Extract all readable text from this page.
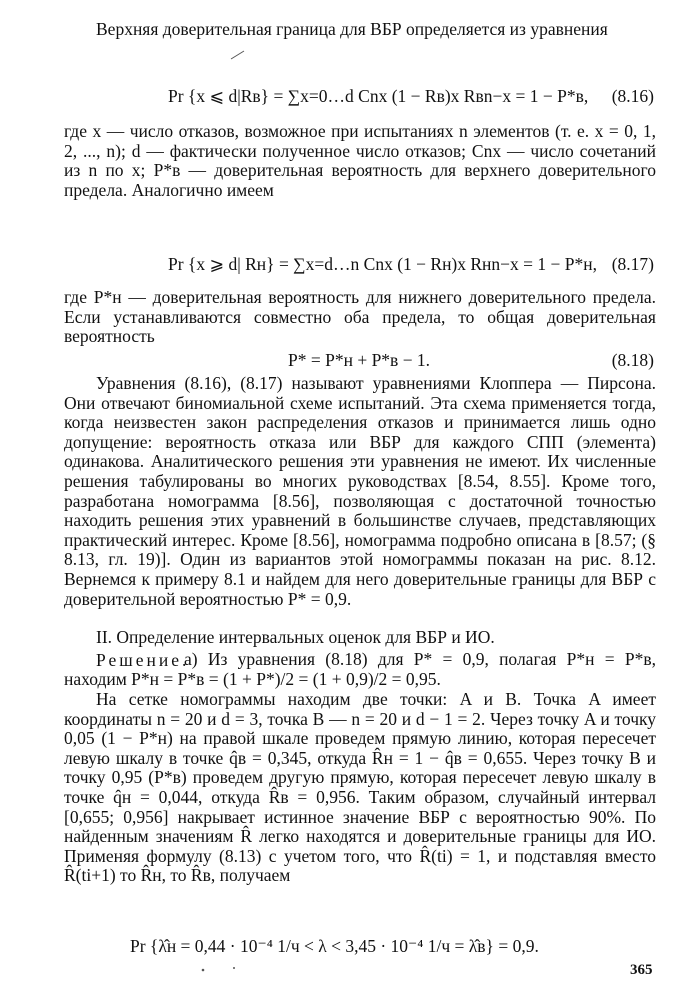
Верхняя доверительная граница для ВБР определяется из уравнения

Pr {x ⩽ d|Rв} = ∑x=0…d Cnx (1 − Rв)x Rвn−x = 1 − P*в, (8.16)

где x — число отказов, возможное при испытаниях n элементов (т. е. x = 0, 1, 2, ..., n); d — фактически полученное число отказов; Cnx — число сочетаний из n по x; P*в — доверительная вероятность для верхнего доверительного предела. Аналогично имеем

Pr {x ⩾ d| Rн} = ∑x=d…n Cnx (1 − Rн)x Rнn−x = 1 − P*н, (8.17)

где P*н — доверительная вероятность для нижнего доверительного предела. Если устанавливаются совместно оба предела, то общая доверительная вероятность

P* = P*н + P*в − 1.	(8.18)

Уравнения (8.16), (8.17) называют уравнениями Клоппера — Пирсона. Они отвечают биномиальной схеме испытаний. Эта схема применяется тогда, когда неизвестен закон распределения отказов и принимается лишь одно допущение: вероятность отказа или ВБР для каждого СПП (элемента) одинакова. Аналитического решения эти уравнения не имеют. Их численные решения табулированы во многих руководствах [8.54, 8.55]. Кроме того, разработана номограмма [8.56], позволяющая с достаточной точностью находить решения этих уравнений в большинстве случаев, представляющих практический интерес. Кроме [8.56], номограмма подробно описана в [8.57; (§ 8.13, гл. 19)]. Один из вариантов этой номограммы показан на рис. 8.12. Вернемся к примеру 8.1 и найдем для него доверительные границы для ВБР с доверительной вероятностью P* = 0,9.

II. Определение интервальных оценок для ВБР и ИО.

Решение.

а) Из уравнения (8.18) для P* = 0,9, полагая P*н = P*в, находим P*н = P*в = (1 + P*)/2 = (1 + 0,9)/2 = 0,95.

На сетке номограммы находим две точки: A и B. Точка A имеет координаты n = 20 и d = 3, точка B — n = 20 и d − 1 = 2. Через точку A и точку 0,05 (1 − P*н) на правой шкале проведем прямую линию, которая пересечет левую шкалу в точке q̂в = 0,345, откуда R̂н = 1 − q̂в = 0,655. Через точку B и точку 0,95 (P*в) проведем другую прямую, которая пересечет левую шкалу в точке q̂н = 0,044, откуда R̂в = 0,956. Таким образом, случайный интервал [0,655; 0,956] накрывает истинное значение ВБР с вероятностью 90%. По найденным значениям R̂ легко находятся и доверительные границы для ИО. Применяя формулу (8.13) с учетом того, что R̂(ti) = 1, и подставляя вместо R̂(ti+1) то R̂н, то R̂в, получаем

Pr {λ̂н = 0,44 · 10⁻⁴ 1/ч < λ < 3,45 · 10⁻⁴ 1/ч = λ̂в} = 0,9.
365
